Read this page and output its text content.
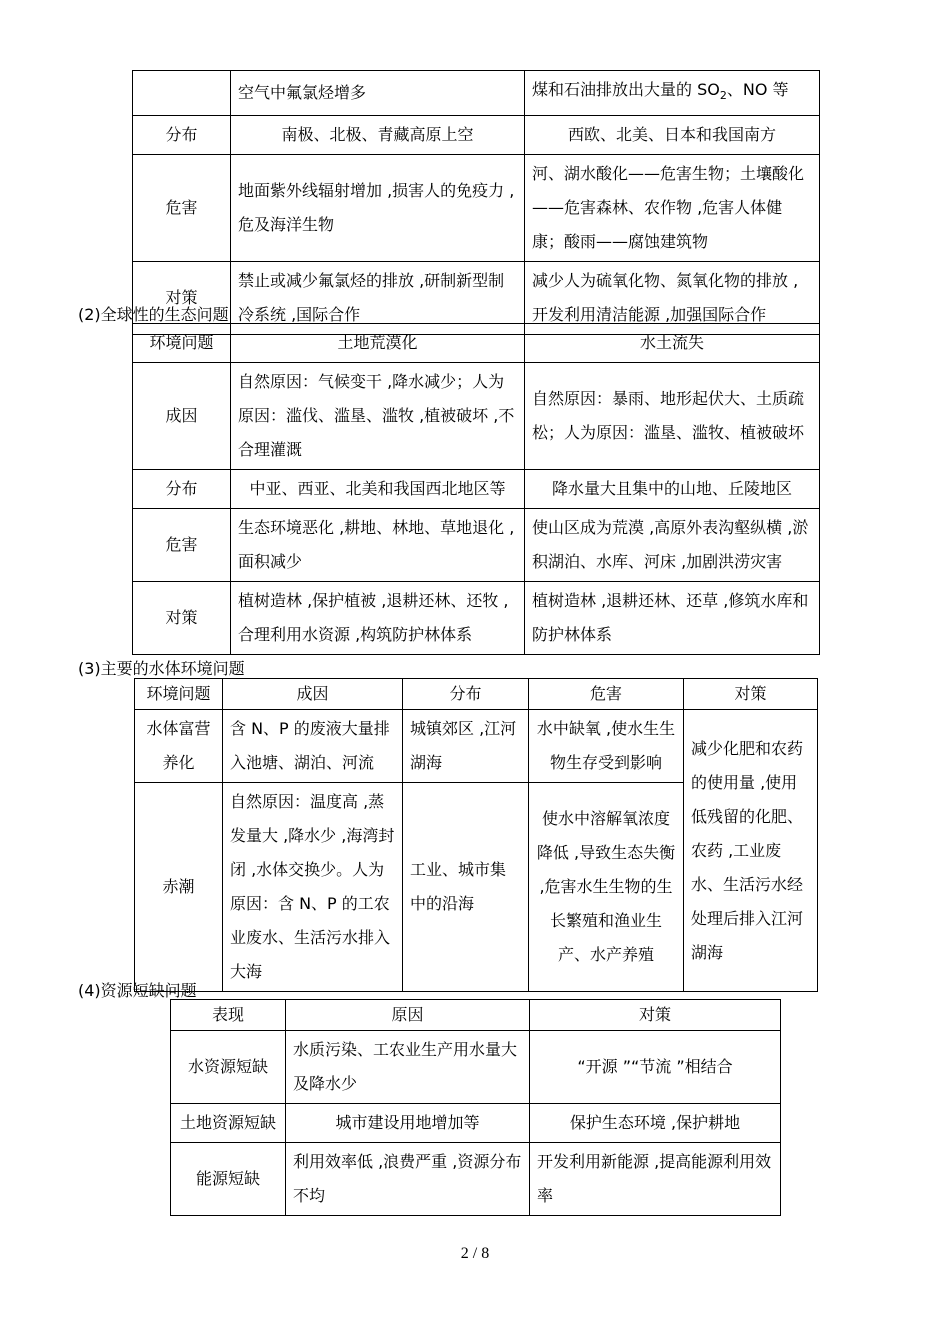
	空气中氟氯烃增多	煤和石油排放出大量的 $SO_2$、NO 等
分布	南极、北极、青藏高原上空	西欧、北美、日本和我国南方
危害	地面紫外线辐射增加 ,损害人的免疫力 ,危及海洋生物	河、湖水酸化——危害生物；土壤酸化——危害森林、农作物 ,危害人体健康；酸雨——腐蚀建筑物
对策	禁止或减少氟氯烃的排放 ,研制新型制冷系统 ,国际合作	减少人为硫氧化物、氮氧化物的排放 ,开发利用清洁能源 ,加强国际合作
(2)全球性的生态问题
环境问题	土地荒漠化	水土流失
成因	自然原因：气候变干 ,降水减少；人为原因：滥伐、滥垦、滥牧 ,植被破坏 ,不合理灌溉	自然原因：暴雨、地形起伏大、土质疏松；人为原因：滥垦、滥牧、植被破坏
分布	中亚、西亚、北美和我国西北地区等	降水量大且集中的山地、丘陵地区
危害	生态环境恶化 ,耕地、林地、草地退化 ,面积减少	使山区成为荒漠 ,高原外表沟壑纵横 ,淤积湖泊、水库、河床 ,加剧洪涝灾害
对策	植树造林 ,保护植被 ,退耕还林、还牧 ,合理利用水资源 ,构筑防护林体系	植树造林 ,退耕还林、还草 ,修筑水库和防护林体系
(3)主要的水体环境问题
环境问题	成因	分布	危害	对策
水体富营养化	含 N、P 的废液大量排入池塘、湖泊、河流	城镇郊区 ,江河湖海	水中缺氧 ,使水生生物生存受到影响	减少化肥和农药的使用量 ,使用低残留的化肥、农药 ,工业废水、生活污水经处理后排入江河湖海
赤潮	自然原因：温度高 ,蒸发量大 ,降水少 ,海湾封闭 ,水体交换少。人为原因：含 N、P 的工农业废水、生活污水排入大海	工业、城市集中的沿海	使水中溶解氧浓度降低 ,导致生态失衡 ,危害水生生物的生长繁殖和渔业生产、水产养殖	
(4)资源短缺问题
表现	原因	对策
水资源短缺	水质污染、工农业生产用水量大及降水少	“开源 ”“节流 ”相结合
土地资源短缺	城市建设用地增加等	保护生态环境 ,保护耕地
能源短缺	利用效率低 ,浪费严重 ,资源分布不均	开发利用新能源 ,提高能源利用效率
2 / 8
